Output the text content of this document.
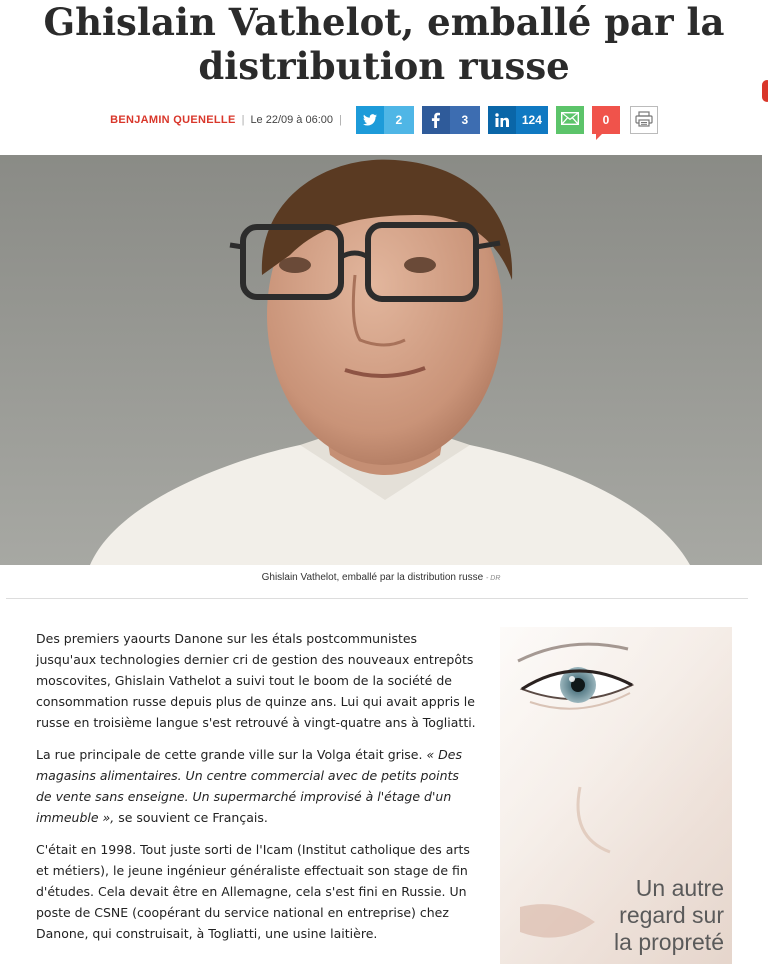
Ghislain Vathelot, emballé par la distribution russe
BENJAMIN QUENELLE | Le 22/09 à 06:00 |	2	3	124	0
Ghislain Vathelot, emballé par la distribution russe - DR

Des premiers yaourts Danone sur les étals postcommunistes jusqu'aux technologies dernier cri de gestion des nouveaux entrepôts moscovites, Ghislain Vathelot a suivi tout le boom de la société de consommation russe depuis plus de quinze ans. Lui qui avait appris le russe en troisième langue s'est retrouvé à vingt-quatre ans à Togliatti.

La rue principale de cette grande ville sur la Volga était grise. « Des magasins alimentaires. Un centre commercial avec de petits points de vente sans enseigne. Un supermarché improvisé à l'étage d'un immeuble », se souvient ce Français.

C'était en 1998. Tout juste sorti de l'Icam (Institut catholique des arts et métiers), le jeune ingénieur généraliste effectuait son stage de fin d'études. Cela devait être en Allemagne, cela s'est fini en Russie. Un poste de CSNE (coopérant du service national en entreprise) chez Danone, qui construisait, à Togliatti, une usine laitière.

Un autre
regard sur
la propreté
